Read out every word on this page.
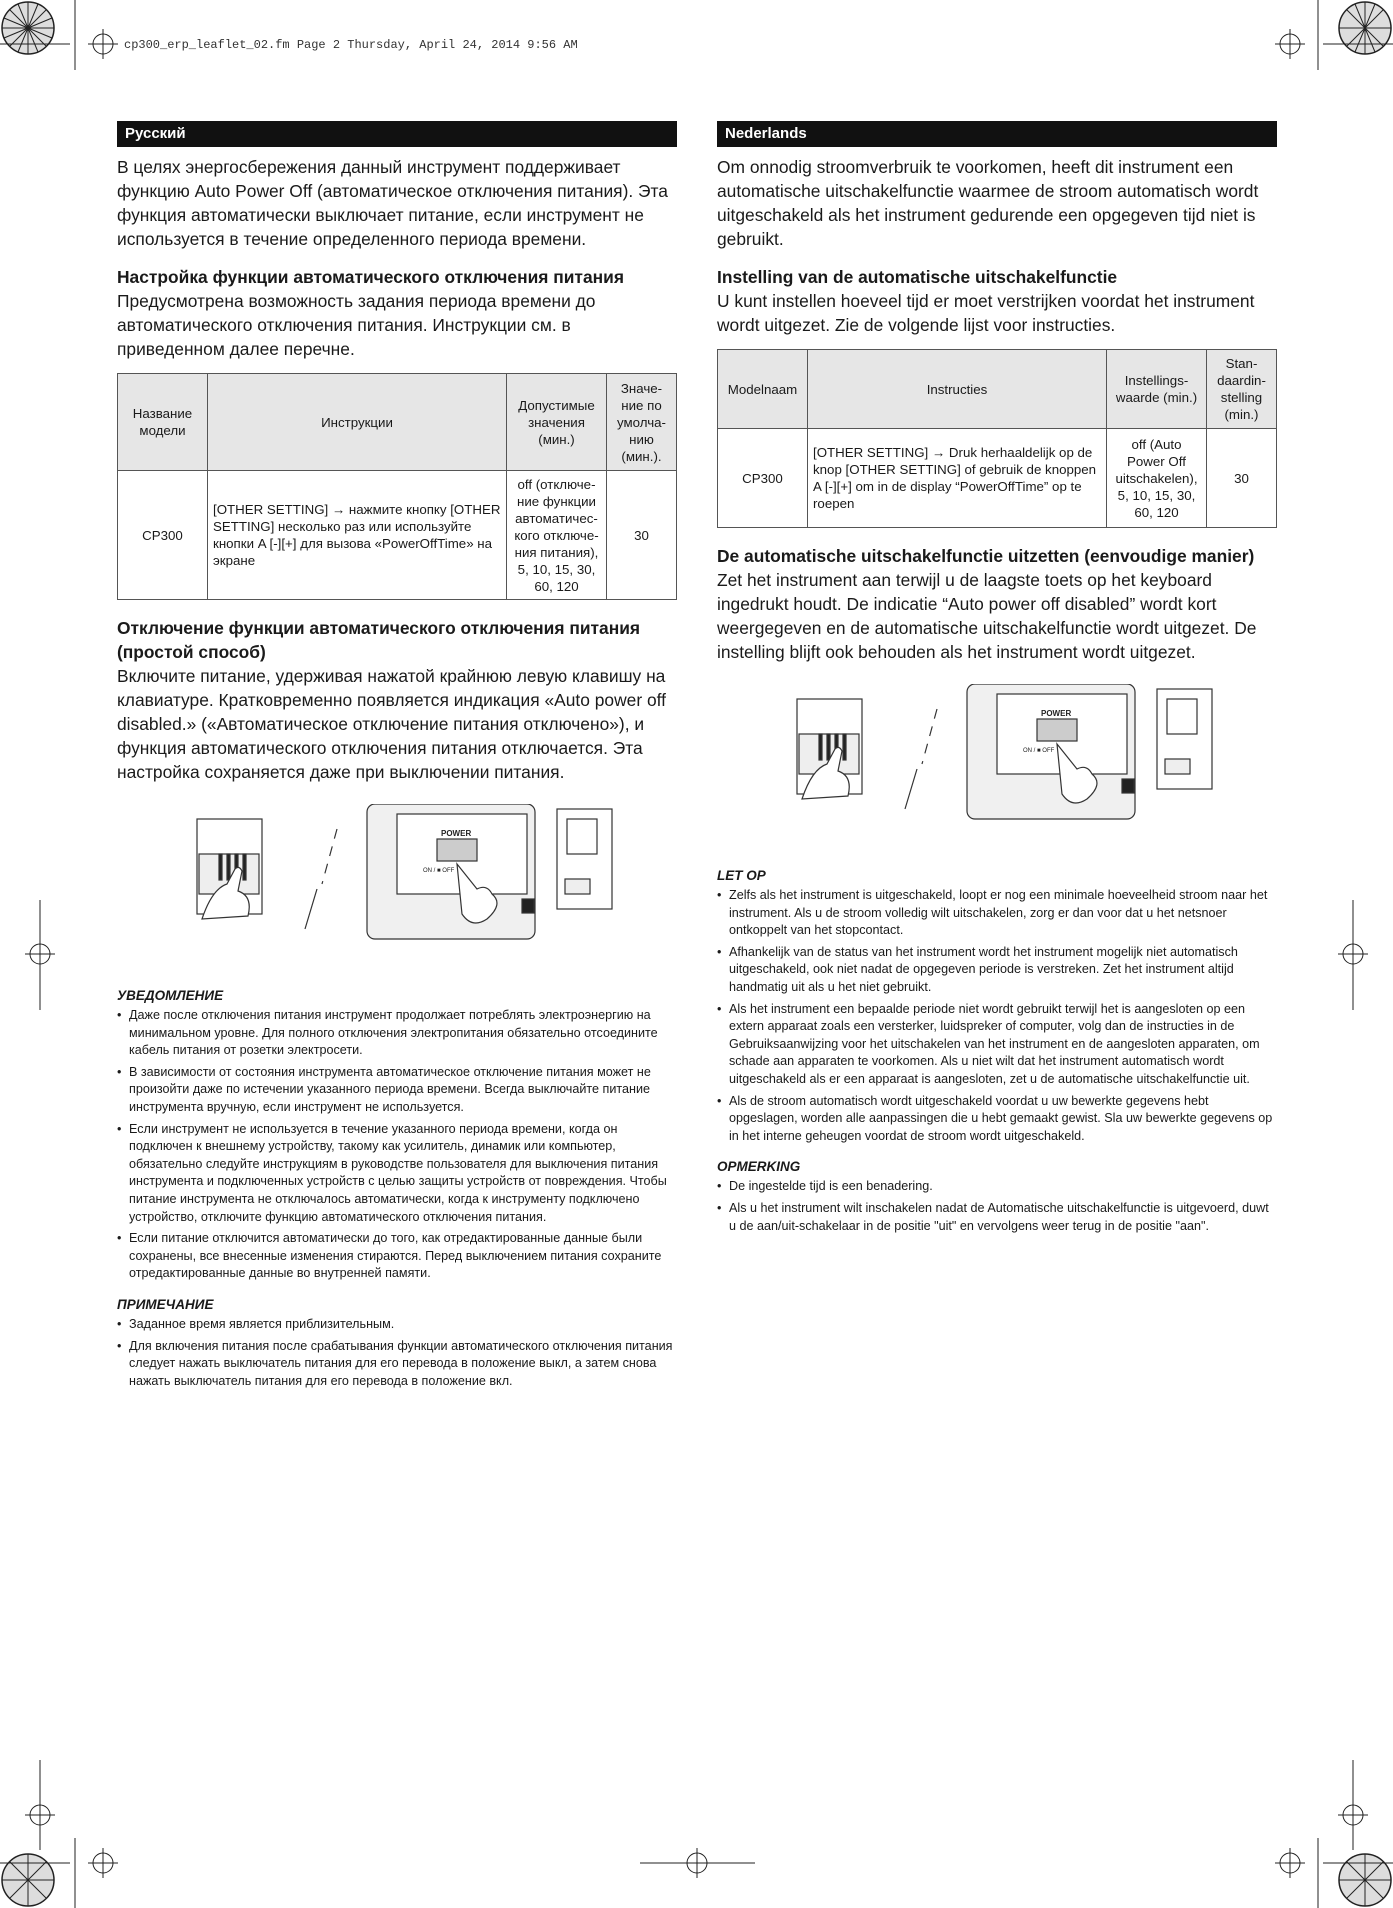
cp300_erp_leaflet_02.fm Page 2 Thursday, April 24, 2014 9:56 AM
Русский

В целях энергосбережения данный инструмент поддерживает функцию Auto Power Off (автоматическое отключения питания). Эта функция автоматически выключает питание, если инструмент не используется в течение определенного периода времени.

Настройка функции автоматического отключения питания

Предусмотрена возможность задания периода времени до автоматического отключения питания. Инструкции см. в приведенном далее перечне.

Название модели	Инструкции	Допустимые значения (мин.)	Значе-ние по умолча-нию (мин.).
CP300	[OTHER SETTING] → нажмите кнопку [OTHER SETTING] несколько раз или используйте кнопки A [-][+] для вызова «PowerOffTime» на экране	off (отключе-ние функции автоматичес-кого отключе-ния питания), 5, 10, 15, 30, 60, 120	30
Отключение функции автоматического отключения питания (простой способ)

Включите питание, удерживая нажатой крайнюю левую клавишу на клавиатуре. Кратковременно появляется индикация «Auto power off disabled.» («Автоматическое отключение питания отключено»), и функция автоматического отключения питания отключается. Эта настройка сохраняется даже при выключении питания.

POWER
ON / ■ OFF
УВЕДОМЛЕНИЕ
• Даже после отключения питания инструмент продолжает потреблять электроэнергию на минимальном уровне. Для полного отключения электропитания обязательно отсоедините кабель питания от розетки электросети.
• В зависимости от состояния инструмента автоматическое отключение питания может не произойти даже по истечении указанного периода времени. Всегда выключайте питание инструмента вручную, если инструмент не используется.
• Если инструмент не используется в течение указанного периода времени, когда он подключен к внешнему устройству, такому как усилитель, динамик или компьютер, обязательно следуйте инструкциям в руководстве пользователя для выключения питания инструмента и подключенных устройств с целью защиты устройств от повреждения. Чтобы питание инструмента не отключалось автоматически, когда к инструменту подключено устройство, отключите функцию автоматического отключения питания.
• Если питание отключится автоматически до того, как отредактированные данные были сохранены, все внесенные изменения стираются. Перед выключением питания сохраните отредактированные данные во внутренней памяти.
ПРИМЕЧАНИЕ
• Заданное время является приблизительным.
• Для включения питания после срабатывания функции автоматического отключения питания следует нажать выключатель питания для его перевода в положение выкл, а затем снова нажать выключатель питания для его перевода в положение вкл.
Nederlands

Om onnodig stroomverbruik te voorkomen, heeft dit instrument een automatische uitschakelfunctie waarmee de stroom automatisch wordt uitgeschakeld als het instrument gedurende een opgegeven tijd niet is gebruikt.

Instelling van de automatische uitschakelfunctie

U kunt instellen hoeveel tijd er moet verstrijken voordat het instrument wordt uitgezet. Zie de volgende lijst voor instructies.

Modelnaam	Instructies	Instellings-waarde (min.)	Stan-daardin-stelling (min.)
CP300	[OTHER SETTING] → Druk herhaaldelijk op de knop [OTHER SETTING] of gebruik de knoppen A [-][+] om in de display “PowerOffTime” op te roepen	off (Auto Power Off uitschakelen), 5, 10, 15, 30, 60, 120	30
De automatische uitschakelfunctie uitzetten (eenvoudige manier)

Zet het instrument aan terwijl u de laagste toets op het keyboard ingedrukt houdt. De indicatie “Auto power off disabled” wordt kort weergegeven en de automatische uitschakelfunctie wordt uitgezet. De instelling blijft ook behouden als het instrument wordt uitgezet.

POWER
ON / ■ OFF
LET OP
• Zelfs als het instrument is uitgeschakeld, loopt er nog een minimale hoeveelheid stroom naar het instrument. Als u de stroom volledig wilt uitschakelen, zorg er dan voor dat u het netsnoer ontkoppelt van het stopcontact.
• Afhankelijk van de status van het instrument wordt het instrument mogelijk niet automatisch uitgeschakeld, ook niet nadat de opgegeven periode is verstreken. Zet het instrument altijd handmatig uit als u het niet gebruikt.
• Als het instrument een bepaalde periode niet wordt gebruikt terwijl het is aangesloten op een extern apparaat zoals een versterker, luidspreker of computer, volg dan de instructies in de Gebruiksaanwijzing voor het uitschakelen van het instrument en de aangesloten apparaten, om schade aan apparaten te voorkomen. Als u niet wilt dat het instrument automatisch wordt uitgeschakeld als er een apparaat is aangesloten, zet u de automatische uitschakelfunctie uit.
• Als de stroom automatisch wordt uitgeschakeld voordat u uw bewerkte gegevens hebt opgeslagen, worden alle aanpassingen die u hebt gemaakt gewist. Sla uw bewerkte gegevens op in het interne geheugen voordat de stroom wordt uitgeschakeld.
OPMERKING
• De ingestelde tijd is een benadering.
• Als u het instrument wilt inschakelen nadat de Automatische uitschakelfunctie is uitgevoerd, duwt u de aan/uit-schakelaar in de positie "uit" en vervolgens weer terug in de positie "aan".
